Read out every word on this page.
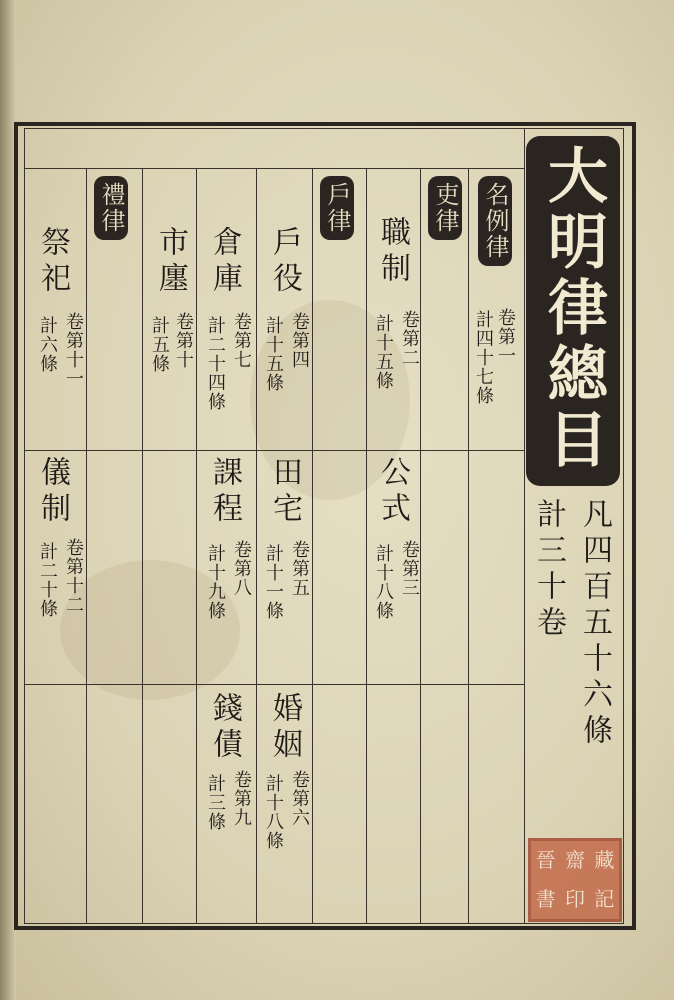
大明律總目
凡四百五十六條
計三十卷
名例律
卷第一
計四十七條
吏律
職制
卷第二
計十五條
公式
卷第三
計十八條
戶律
戶役
卷第四
計十五條
田宅
卷第五
計十一條
婚姻
卷第六
計十八條
倉庫
卷第七
計二十四條
課程
卷第八
計十九條
錢債
卷第九
計三條
市廛
卷第十
計五條
禮律
祭祀
卷第十一
計六條
儀制
卷第十二
計二十條
晉 齋 藏
書 印 記
